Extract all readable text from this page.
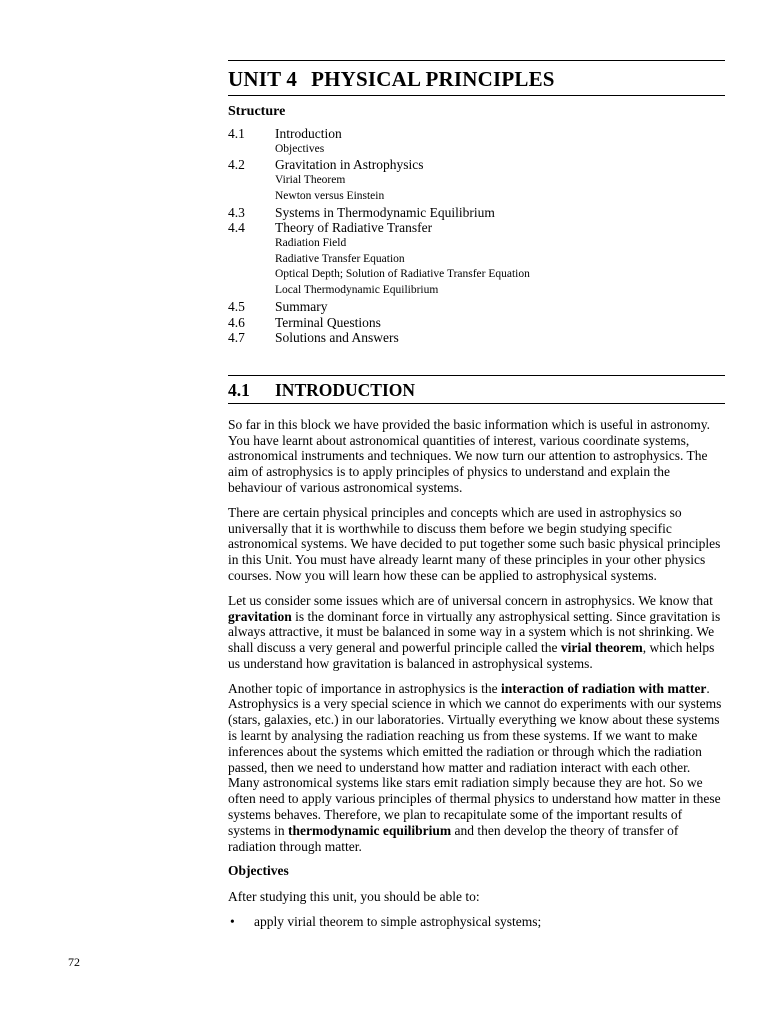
UNIT 4 PHYSICAL PRINCIPLES
Structure
4.1	Introduction
Objectives
4.2	Gravitation in Astrophysics
Virial Theorem
Newton versus Einstein
4.3	Systems in Thermodynamic Equilibrium
4.4	Theory of Radiative Transfer
Radiation Field
Radiative Transfer Equation
Optical Depth; Solution of Radiative Transfer Equation
Local Thermodynamic Equilibrium
4.5	Summary
4.6	Terminal Questions
4.7	Solutions and Answers
4.1	INTRODUCTION

So far in this block we have provided the basic information which is useful in astronomy. You have learnt about astronomical quantities of interest, various coordinate systems, astronomical instruments and techniques. We now turn our attention to astrophysics. The aim of astrophysics is to apply principles of physics to understand and explain the behaviour of various astronomical systems.

There are certain physical principles and concepts which are used in astrophysics so universally that it is worthwhile to discuss them before we begin studying specific astronomical systems. We have decided to put together some such basic physical principles in this Unit. You must have already learnt many of these principles in your other physics courses. Now you will learn how these can be applied to astrophysical systems.

Let us consider some issues which are of universal concern in astrophysics. We know that gravitation is the dominant force in virtually any astrophysical setting. Since gravitation is always attractive, it must be balanced in some way in a system which is not shrinking. We shall discuss a very general and powerful principle called the virial theorem, which helps us understand how gravitation is balanced in astrophysical systems.

Another topic of importance in astrophysics is the interaction of radiation with matter. Astrophysics is a very special science in which we cannot do experiments with our systems (stars, galaxies, etc.) in our laboratories. Virtually everything we know about these systems is learnt by analysing the radiation reaching us from these systems. If we want to make inferences about the systems which emitted the radiation or through which the radiation passed, then we need to understand how matter and radiation interact with each other. Many astronomical systems like stars emit radiation simply because they are hot. So we often need to apply various principles of thermal physics to understand how matter in these systems behaves. Therefore, we plan to recapitulate some of the important results of systems in thermodynamic equilibrium and then develop the theory of transfer of radiation through matter.

Objectives

After studying this unit, you should be able to:

•	apply virial theorem to simple astrophysical systems;
72
